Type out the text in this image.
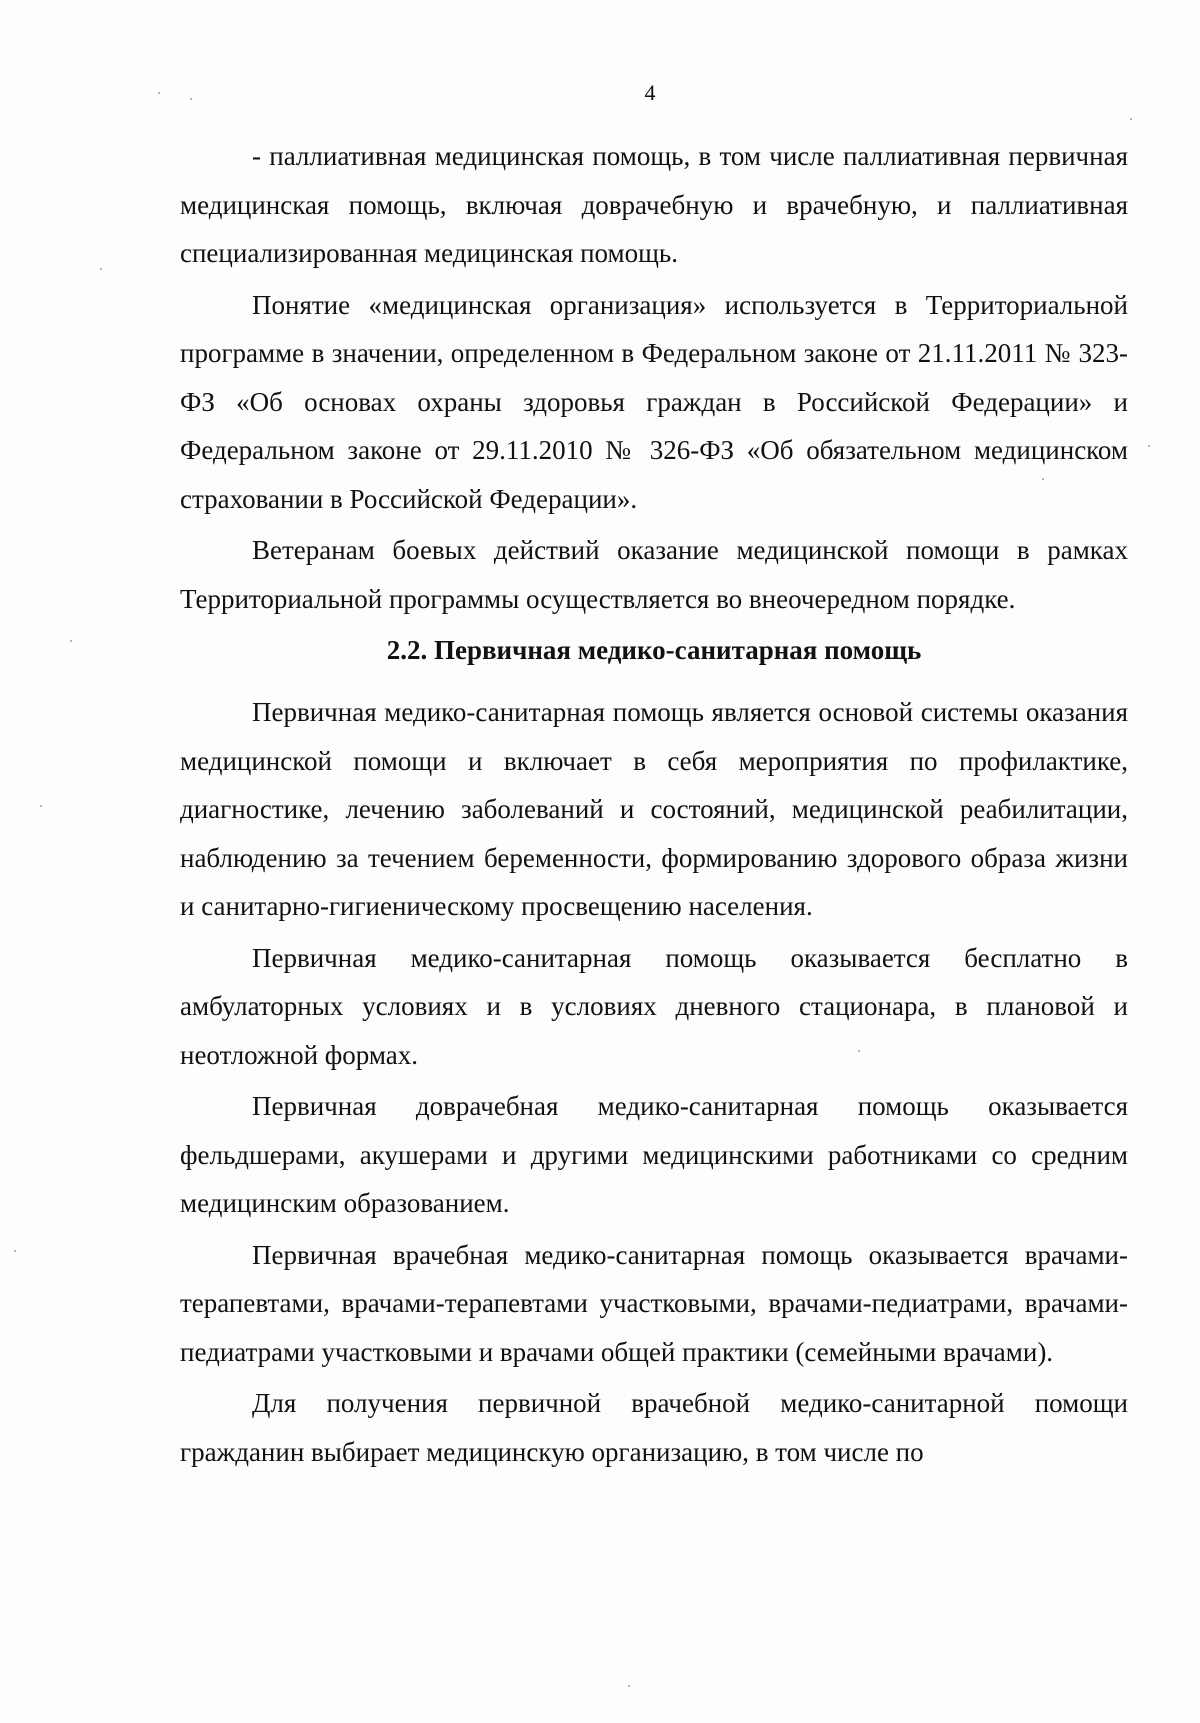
4

- паллиативная медицинская помощь, в том числе паллиативная первичная медицинская помощь, включая доврачебную и врачебную, и паллиативная специализированная медицинская помощь.

Понятие «медицинская организация» используется в Территориальной программе в значении, определенном в Федеральном законе от 21.11.2011 № 323-ФЗ «Об основах охраны здоровья граждан в Российской Федерации» и Федеральном законе от 29.11.2010 № 326-ФЗ «Об обязательном медицинском страховании в Российской Федерации».

Ветеранам боевых действий оказание медицинской помощи в рамках Территориальной программы осуществляется во внеочередном порядке.

2.2. Первичная медико-санитарная помощь

Первичная медико-санитарная помощь является основой системы оказания медицинской помощи и включает в себя мероприятия по профилактике, диагностике, лечению заболеваний и состояний, медицинской реабилитации, наблюдению за течением беременности, формированию здорового образа жизни и санитарно-гигиеническому просвещению населения.

Первичная медико-санитарная помощь оказывается бесплатно в амбулаторных условиях и в условиях дневного стационара, в плановой и неотложной формах.

Первичная доврачебная медико-санитарная помощь оказывается фельдшерами, акушерами и другими медицинскими работниками со средним медицинским образованием.

Первичная врачебная медико-санитарная помощь оказывается врачами-терапевтами, врачами-терапевтами участковыми, врачами-педиатрами, врачами-педиатрами участковыми и врачами общей практики (семейными врачами).

Для получения первичной врачебной медико-санитарной помощи гражданин выбирает медицинскую организацию, в том числе по
